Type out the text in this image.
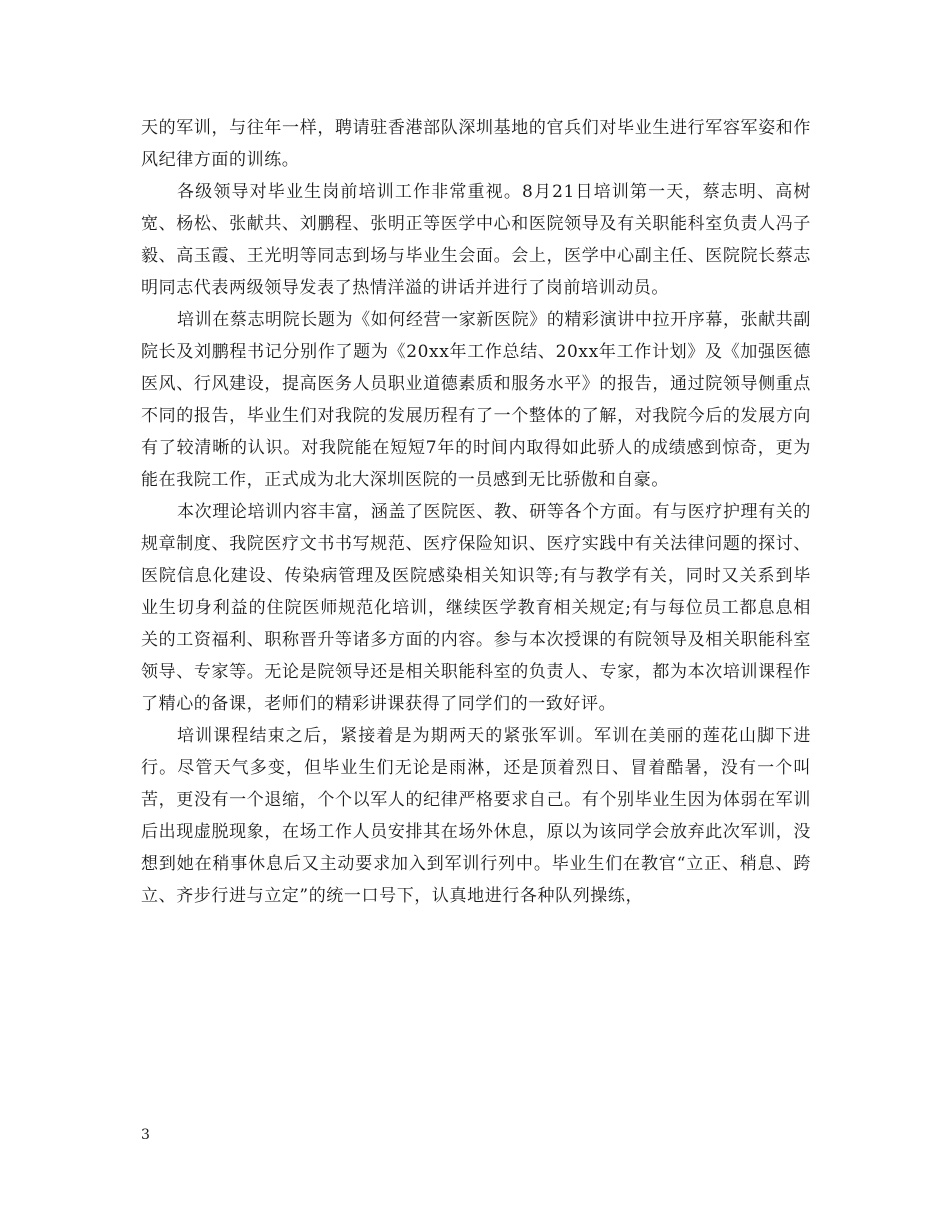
天的军训，与往年一样，聘请驻香港部队深圳基地的官兵们对毕业生进行军容军姿和作风纪律方面的训练。

各级领导对毕业生岗前培训工作非常重视。8月21日培训第一天，蔡志明、高树宽、杨松、张献共、刘鹏程、张明正等医学中心和医院领导及有关职能科室负责人冯子毅、高玉霞、王光明等同志到场与毕业生会面。会上，医学中心副主任、医院院长蔡志明同志代表两级领导发表了热情洋溢的讲话并进行了岗前培训动员。

培训在蔡志明院长题为《如何经营一家新医院》的精彩演讲中拉开序幕，张献共副院长及刘鹏程书记分别作了题为《20xx年工作总结、20xx年工作计划》及《加强医德医风、行风建设，提高医务人员职业道德素质和服务水平》的报告，通过院领导侧重点不同的报告，毕业生们对我院的发展历程有了一个整体的了解，对我院今后的发展方向有了较清晰的认识。对我院能在短短7年的时间内取得如此骄人的成绩感到惊奇，更为能在我院工作，正式成为北大深圳医院的一员感到无比骄傲和自豪。

本次理论培训内容丰富，涵盖了医院医、教、研等各个方面。有与医疗护理有关的规章制度、我院医疗文书书写规范、医疗保险知识、医疗实践中有关法律问题的探讨、医院信息化建设、传染病管理及医院感染相关知识等;有与教学有关，同时又关系到毕业生切身利益的住院医师规范化培训，继续医学教育相关规定;有与每位员工都息息相关的工资福利、职称晋升等诸多方面的内容。参与本次授课的有院领导及相关职能科室领导、专家等。无论是院领导还是相关职能科室的负责人、专家，都为本次培训课程作了精心的备课，老师们的精彩讲课获得了同学们的一致好评。

培训课程结束之后，紧接着是为期两天的紧张军训。军训在美丽的莲花山脚下进行。尽管天气多变，但毕业生们无论是雨淋，还是顶着烈日、冒着酷暑，没有一个叫苦，更没有一个退缩，个个以军人的纪律严格要求自己。有个别毕业生因为体弱在军训后出现虚脱现象，在场工作人员安排其在场外休息，原以为该同学会放弃此次军训，没想到她在稍事休息后又主动要求加入到军训行列中。毕业生们在教官“立正、稍息、跨立、齐步行进与立定”的统一口号下，认真地进行各种队列操练，

3
